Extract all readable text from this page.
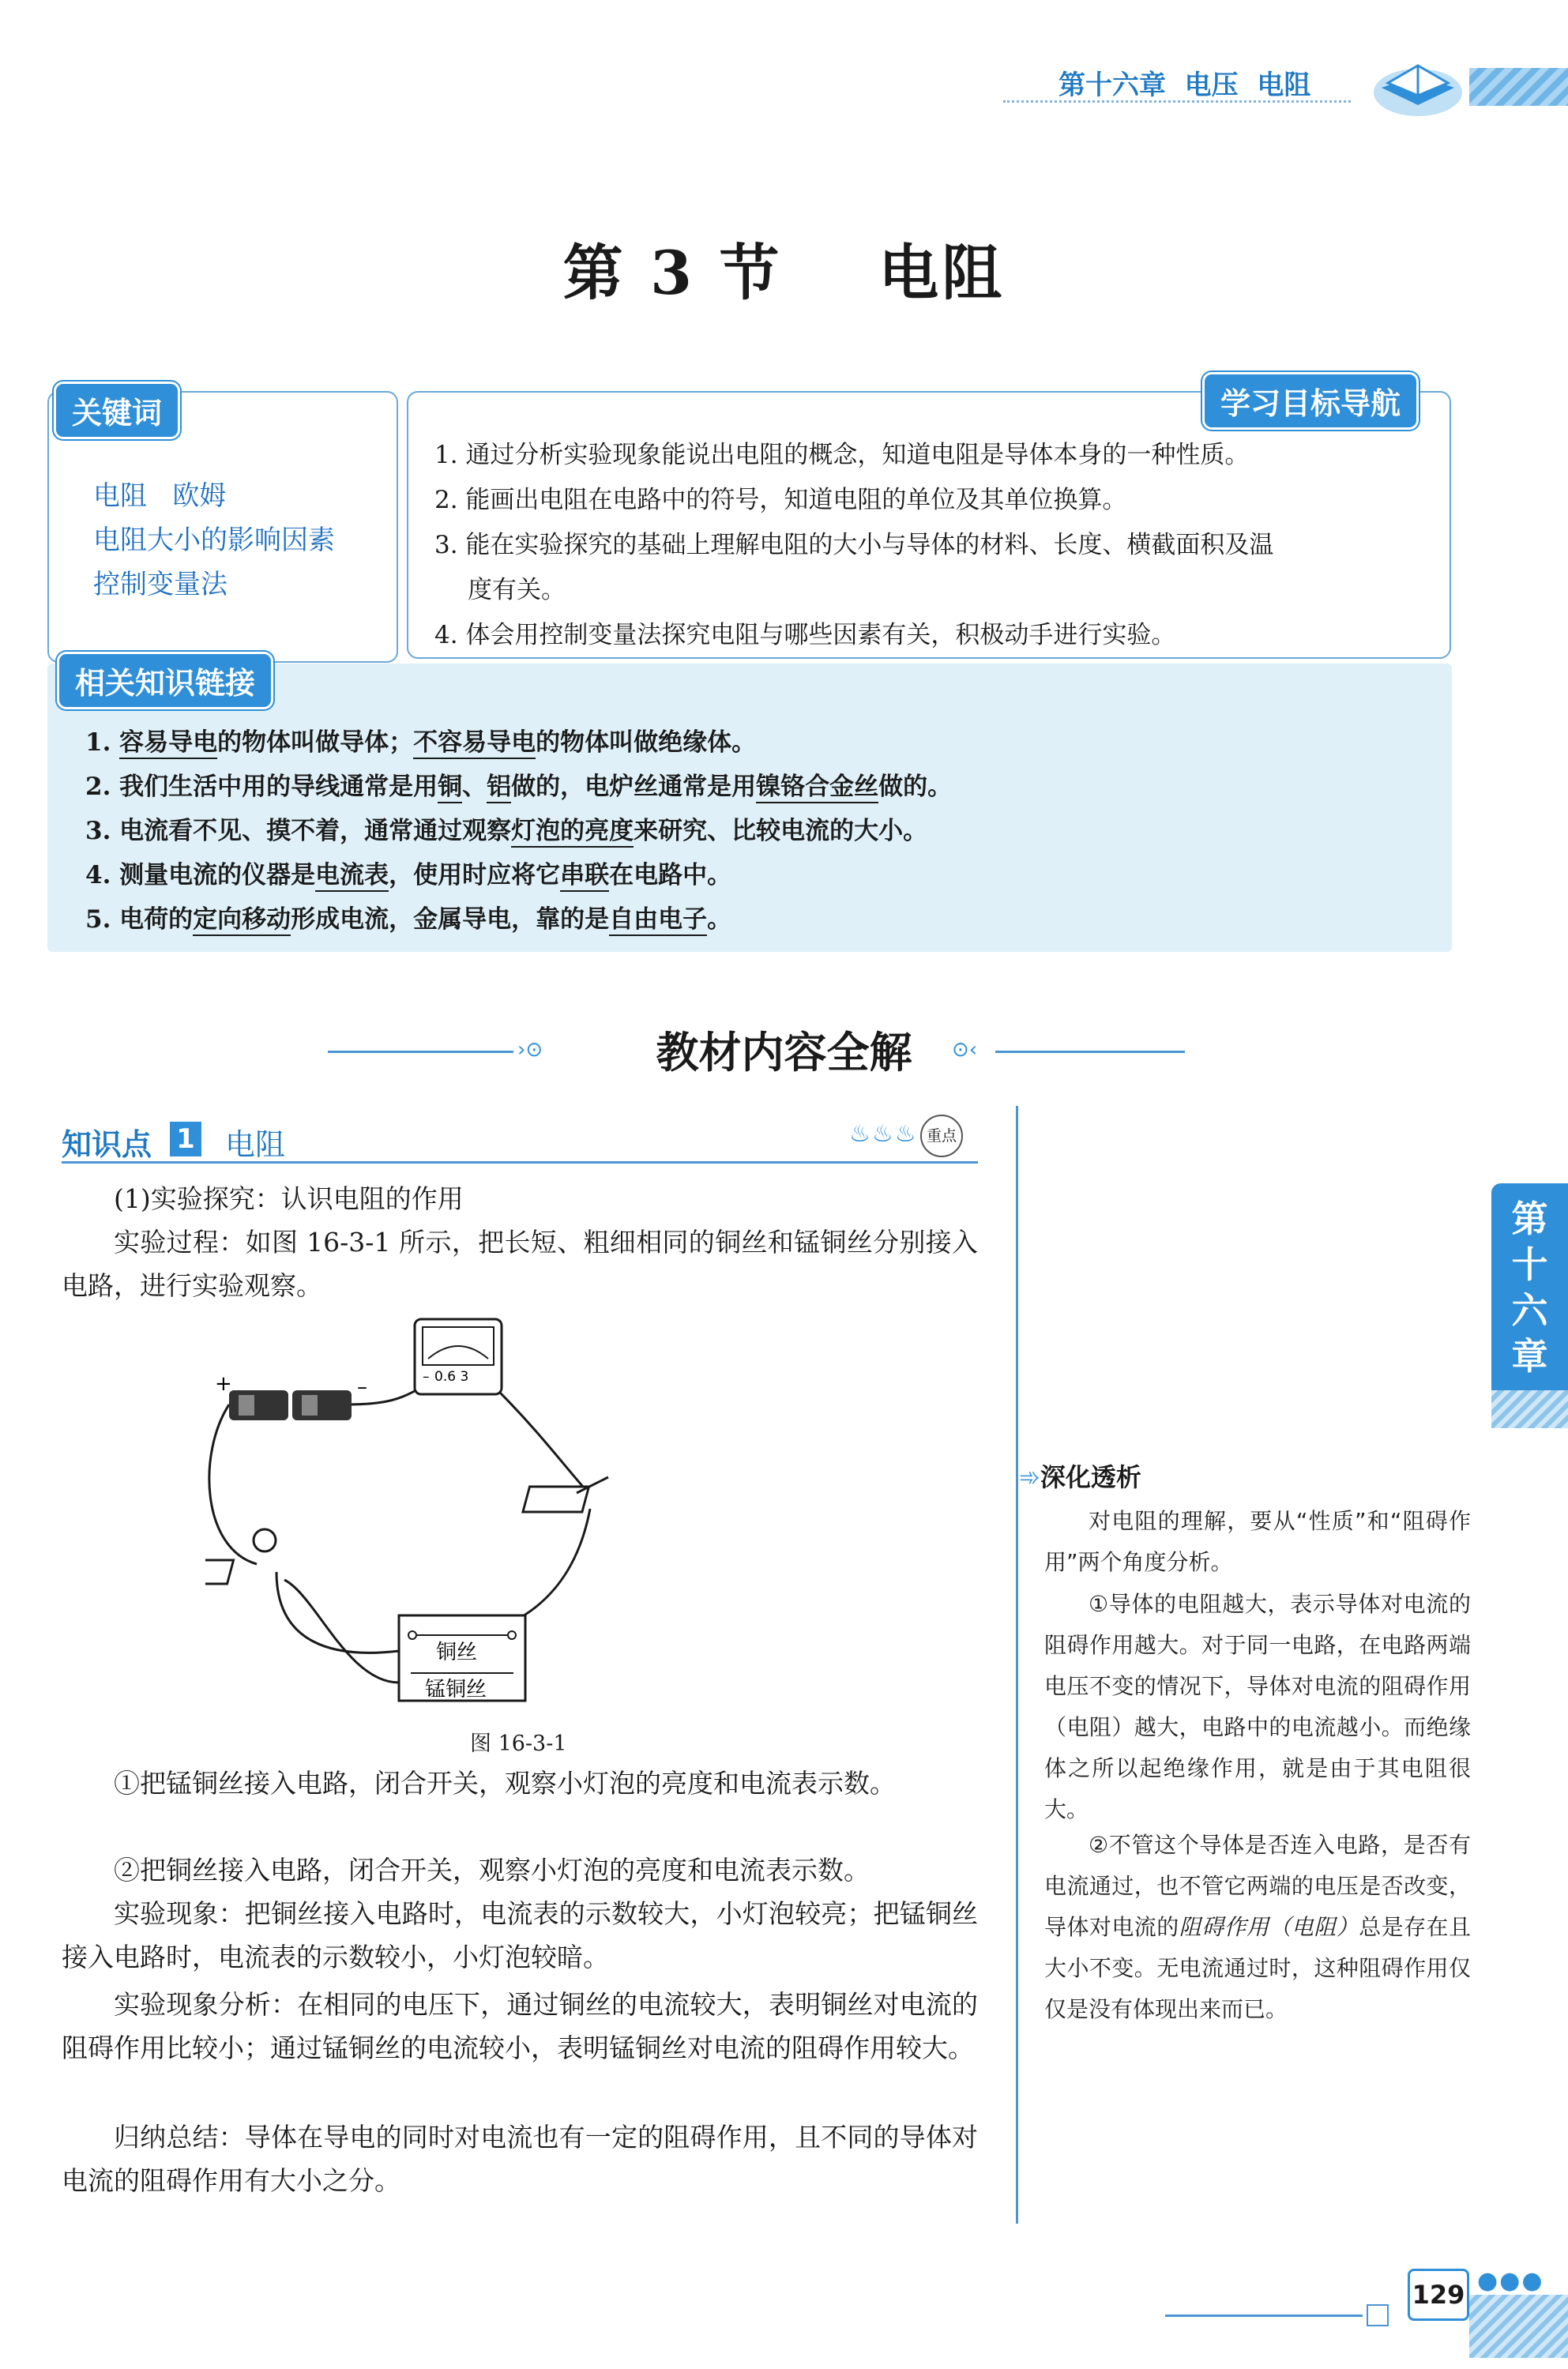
第十六章  电压  电阻
第 3 节    电阻
关键词
电阻   欧姆
电阻大小的影响因素
控制变量法
学习目标导航
1. 通过分析实验现象能说出电阻的概念，知道电阻是导体本身的一种性质。
2. 能画出电阻在电路中的符号，知道电阻的单位及其单位换算。
3. 能在实验探究的基础上理解电阻的大小与导体的材料、长度、横截面积及温
度有关。
4. 体会用控制变量法探究电阻与哪些因素有关，积极动手进行实验。
相关知识链接
1. 容易导电的物体叫做导体；不容易导电的物体叫做绝缘体。
2. 我们生活中用的导线通常是用铜、铝做的，电炉丝通常是用镍铬合金丝做的。
3. 电流看不见、摸不着，通常通过观察灯泡的亮度来研究、比较电流的大小。
4. 测量电流的仪器是电流表，使用时应将它串联在电路中。
5. 电荷的定向移动形成电流，金属导电，靠的是自由电子。
›⊙	教材内容全解	⊙‹
知识点 1 电阻	♨♨♨ 重点
(1)实验探究：认识电阻的作用
实验过程：如图 16-3-1 所示，把长短、粗细相同的铜丝和锰铜丝分别接入电路，进行实验观察。
+	–	0.6 3
–
铜丝
锰铜丝
图 16-3-1
①把锰铜丝接入电路，闭合开关，观察小灯泡的亮度和电流表示数。
②把铜丝接入电路，闭合开关，观察小灯泡的亮度和电流表示数。
实验现象：把铜丝接入电路时，电流表的示数较大，小灯泡较亮；把锰铜丝接入电路时，电流表的示数较小，小灯泡较暗。
实验现象分析：在相同的电压下，通过铜丝的电流较大，表明铜丝对电流的阻碍作用比较小；通过锰铜丝的电流较小，表明锰铜丝对电流的阻碍作用较大。
归纳总结：导体在导电的同时对电流也有一定的阻碍作用，且不同的导体对电流的阻碍作用有大小之分。
第十六章
➾深化透析
对电阻的理解，要从“性质”和“阻碍作用”两个角度分析。
①导体的电阻越大，表示导体对电流的阻碍作用越大。对于同一电路，在电路两端电压不变的情况下，导体对电流的阻碍作用（电阻）越大，电路中的电流越小。而绝缘体之所以起绝缘作用，就是由于其电阻很大。
②不管这个导体是否连入电路，是否有电流通过，也不管它两端的电压是否改变，导体对电流的阻碍作用（电阻）总是存在且大小不变。无电流通过时，这种阻碍作用仅仅是没有体现出来而已。
129 ●●●
